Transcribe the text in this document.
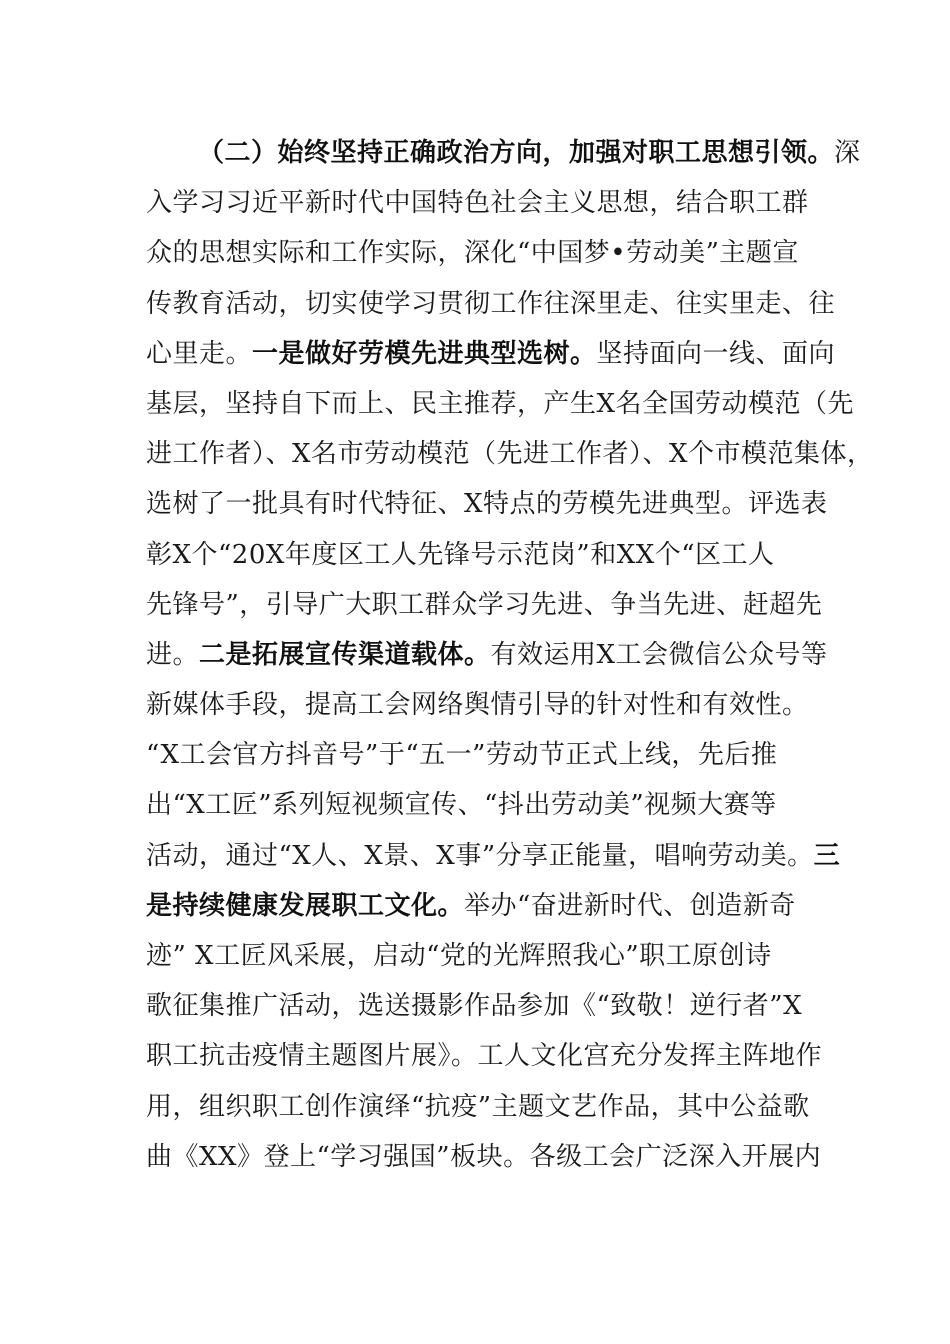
（二）始终坚持正确政治方向，加强对职工思想引领。深
入学习习近平新时代中国特色社会主义思想，结合职工群
众的思想实际和工作实际，深化“中国梦•劳动美”主题宣
传教育活动，切实使学习贯彻工作往深里走、往实里走、往
心里走。一是做好劳模先进典型选树。坚持面向一线、面向
基层，坚持自下而上、民主推荐，产生X名全国劳动模范（先
进工作者）、X名市劳动模范（先进工作者）、X个市模范集体，
选树了一批具有时代特征、X特点的劳模先进典型。评选表
彰X个“20X年度区工人先锋号示范岗”和XX个“区工人
先锋号”，引导广大职工群众学习先进、争当先进、赶超先
进。二是拓展宣传渠道载体。有效运用X工会微信公众号等
新媒体手段，提高工会网络舆情引导的针对性和有效性。
“X工会官方抖音号”于“五一”劳动节正式上线，先后推
出“X工匠”系列短视频宣传、“抖出劳动美”视频大赛等
活动，通过“X人、X景、X事”分享正能量，唱响劳动美。三
是持续健康发展职工文化。举办“奋进新时代、创造新奇
迹” X工匠风采展，启动“党的光辉照我心”职工原创诗
歌征集推广活动，选送摄影作品参加《“致敬！逆行者”X
职工抗击疫情主题图片展》。工人文化宫充分发挥主阵地作
用，组织职工创作演绎“抗疫”主题文艺作品，其中公益歌
曲《XX》登上“学习强国”板块。各级工会广泛深入开展内
